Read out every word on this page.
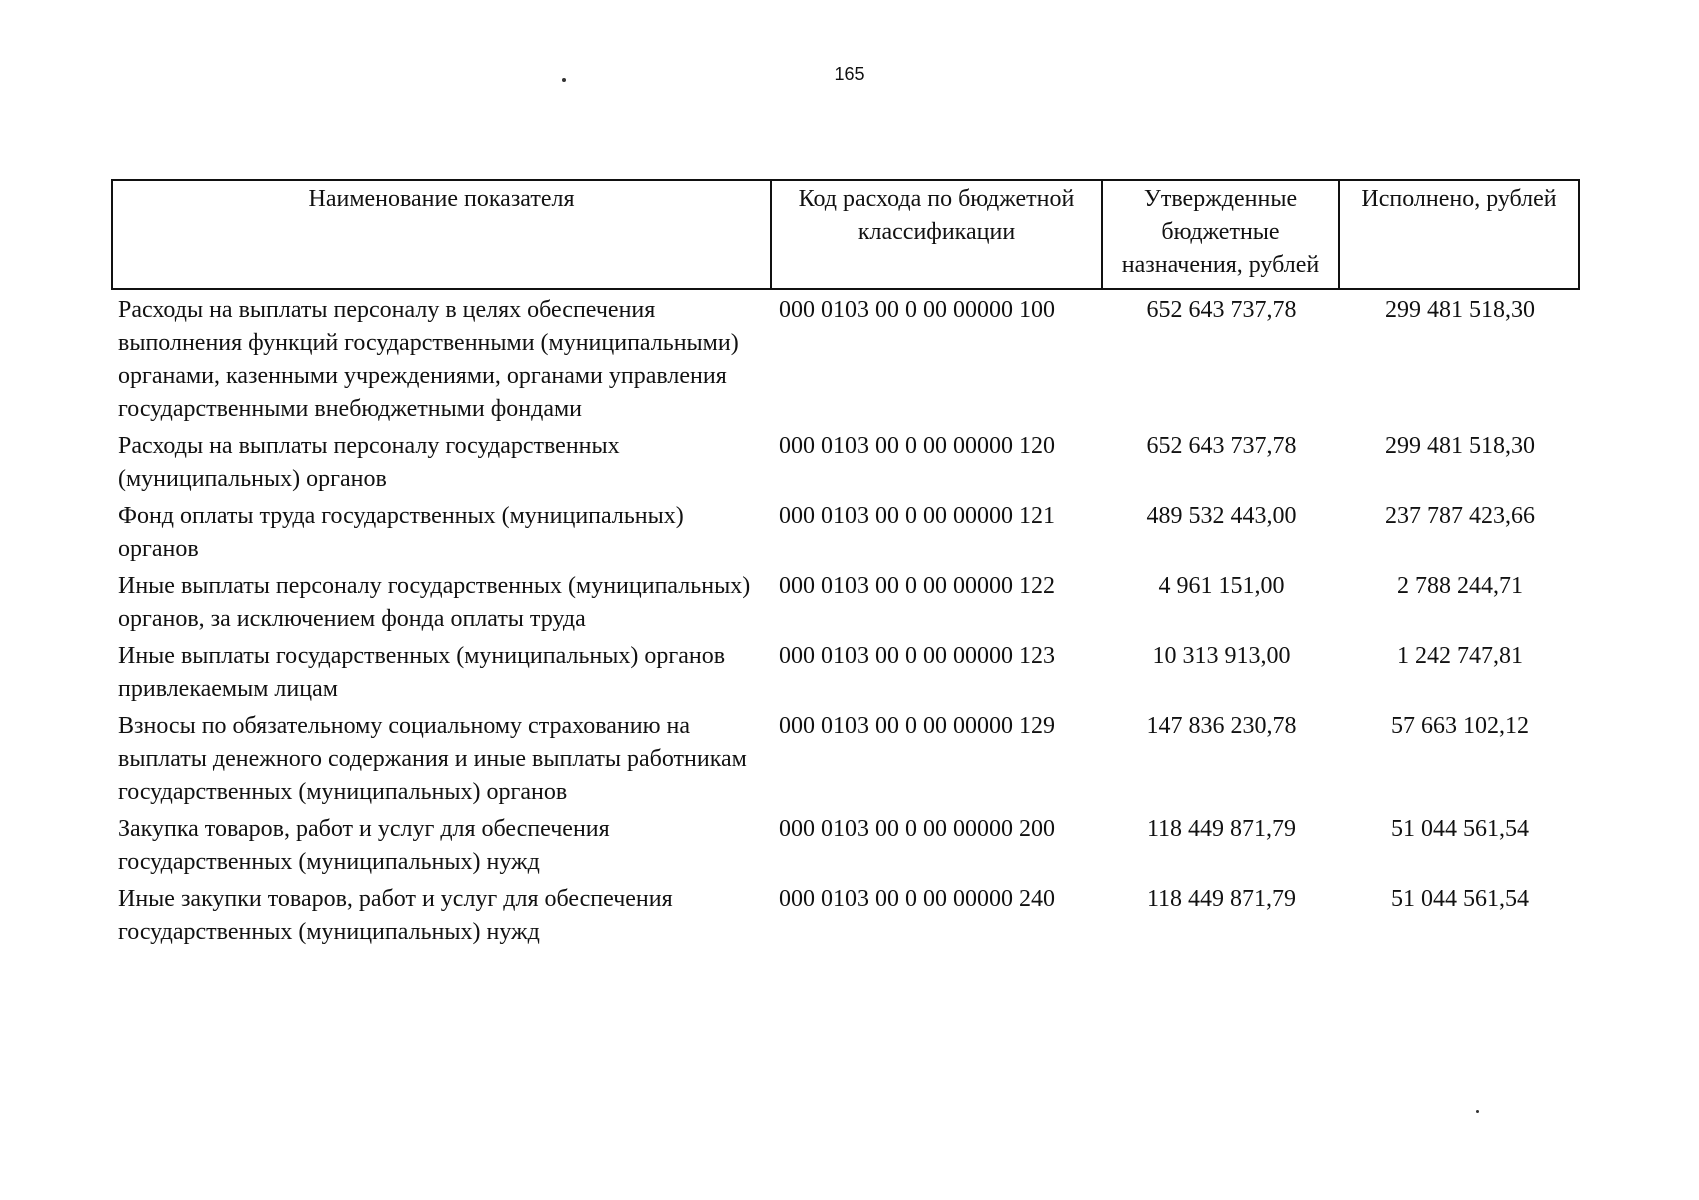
165
Наименование показателя	Код расхода по бюджетной классификации	Утвержденные бюджетные назначения, рублей	Исполнено, рублей
Расходы на выплаты персоналу в целях обеспечения выполнения функций государственными (муниципальными) органами, казенными учреждениями, органами управления государственными внебюджетными фондами	000 0103 00 0 00 00000 100	652 643 737,78	299 481 518,30
Расходы на выплаты персоналу государственных (муниципальных) органов	000 0103 00 0 00 00000 120	652 643 737,78	299 481 518,30
Фонд оплаты труда государственных (муниципальных) органов	000 0103 00 0 00 00000 121	489 532 443,00	237 787 423,66
Иные выплаты персоналу государственных (муниципальных) органов, за исключением фонда оплаты труда	000 0103 00 0 00 00000 122	4 961 151,00	2 788 244,71
Иные выплаты государственных (муниципальных) органов привлекаемым лицам	000 0103 00 0 00 00000 123	10 313 913,00	1 242 747,81
Взносы по обязательному социальному страхованию на выплаты денежного содержания и иные выплаты работникам государственных (муниципальных) органов	000 0103 00 0 00 00000 129	147 836 230,78	57 663 102,12
Закупка товаров, работ и услуг для обеспечения государственных (муниципальных) нужд	000 0103 00 0 00 00000 200	118 449 871,79	51 044 561,54
Иные закупки товаров, работ и услуг для обеспечения государственных (муниципальных) нужд	000 0103 00 0 00 00000 240	118 449 871,79	51 044 561,54
